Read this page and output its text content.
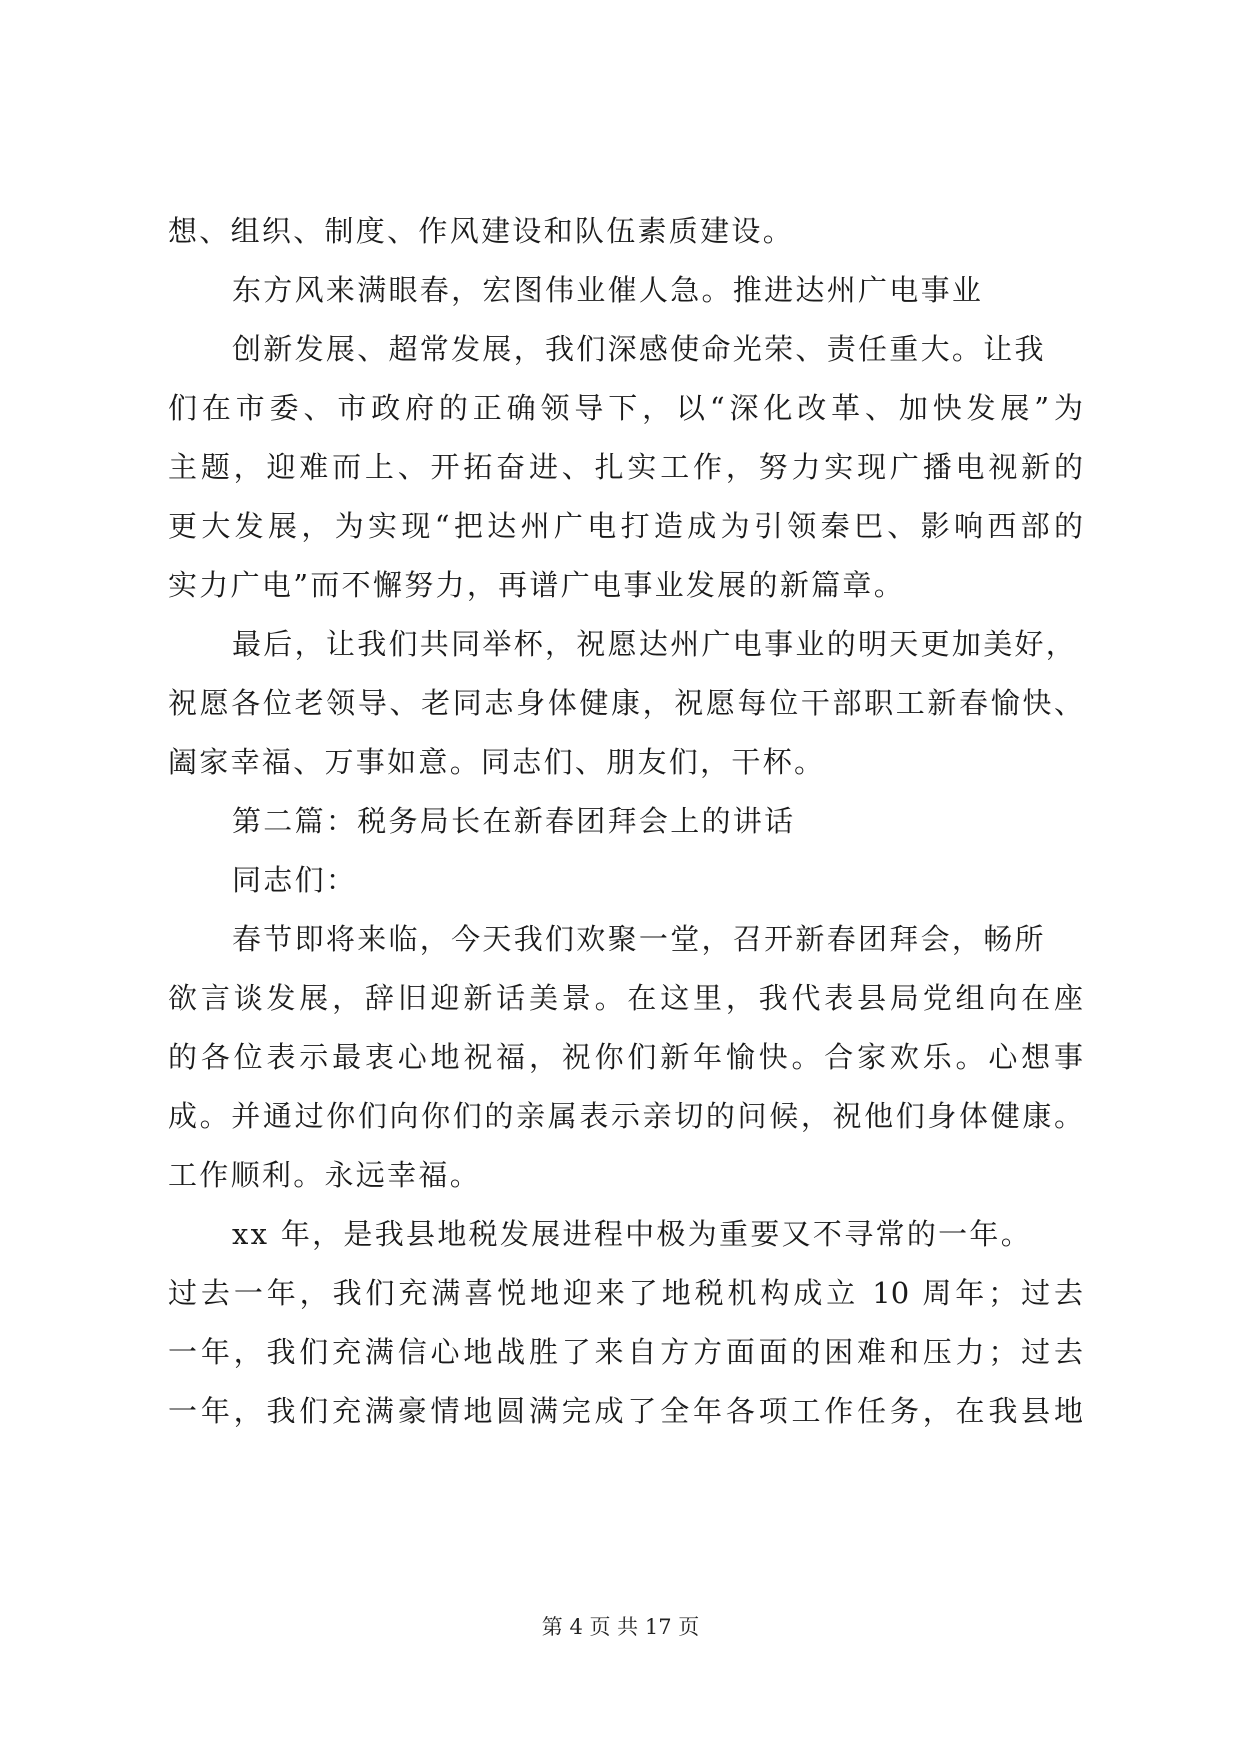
想、组织、制度、作风建设和队伍素质建设。
东方风来满眼春，宏图伟业催人急。推进达州广电事业
创新发展、超常发展，我们深感使命光荣、责任重大。让我
们在市委、市政府的正确领导下，以“深化改革、加快发展”为
主题，迎难而上、开拓奋进、扎实工作，努力实现广播电视新的
更大发展，为实现“把达州广电打造成为引领秦巴、影响西部的
实力广电”而不懈努力，再谱广电事业发展的新篇章。
最后，让我们共同举杯，祝愿达州广电事业的明天更加美好，
祝愿各位老领导、老同志身体健康，祝愿每位干部职工新春愉快、
阖家幸福、万事如意。同志们、朋友们，干杯。
第二篇：税务局长在新春团拜会上的讲话
同志们：
春节即将来临，今天我们欢聚一堂，召开新春团拜会，畅所
欲言谈发展，辞旧迎新话美景。在这里，我代表县局党组向在座
的各位表示最衷心地祝福，祝你们新年愉快。合家欢乐。心想事
成。并通过你们向你们的亲属表示亲切的问候，祝他们身体健康。
工作顺利。永远幸福。
xx 年，是我县地税发展进程中极为重要又不寻常的一年。
过去一年，我们充满喜悦地迎来了地税机构成立 10 周年；过去
一年，我们充满信心地战胜了来自方方面面的困难和压力；过去
一年，我们充满豪情地圆满完成了全年各项工作任务，在我县地
第 4 页 共 17 页
